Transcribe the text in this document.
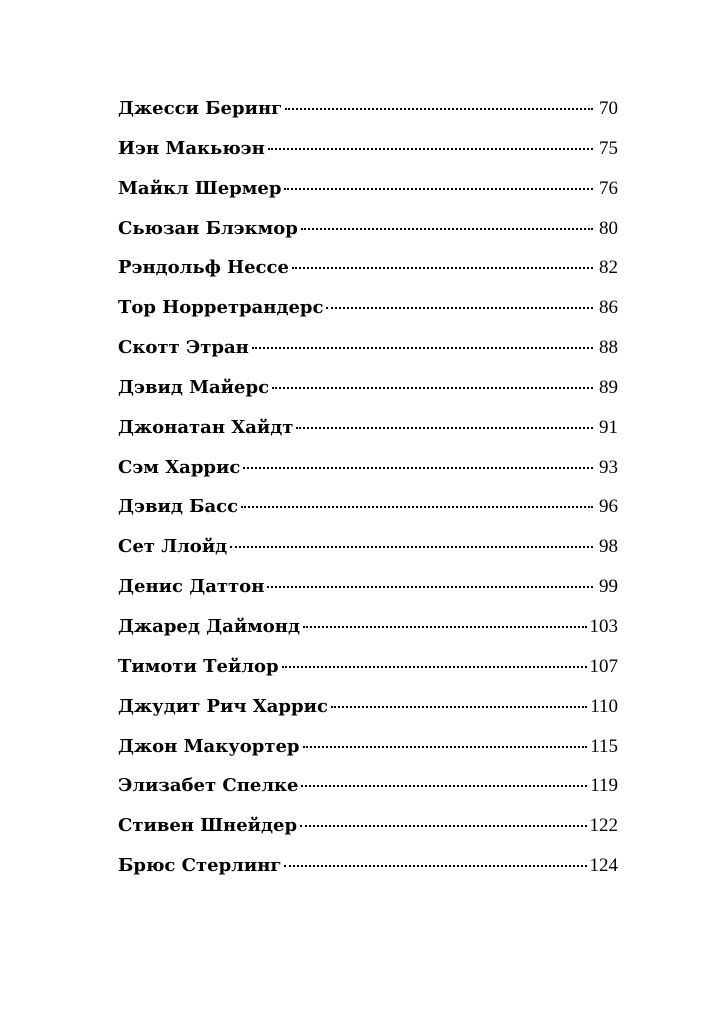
Джесси Беринг	70
Иэн Макьюэн	75
Майкл Шермер	76
Сьюзан Блэкмор	80
Рэндольф Нессе	82
Тор Норретрандерс	86
Скотт Этран	88
Дэвид Майерс	89
Джонатан Хайдт	91
Сэм Харрис	93
Дэвид Басс	96
Сет Ллойд	98
Денис Даттон	99
Джаред Даймонд	103
Тимоти Тейлор	107
Джудит Рич Харрис	110
Джон Макуортер	115
Элизабет Спелке	119
Стивен Шнейдер	122
Брюс Стерлинг	124
